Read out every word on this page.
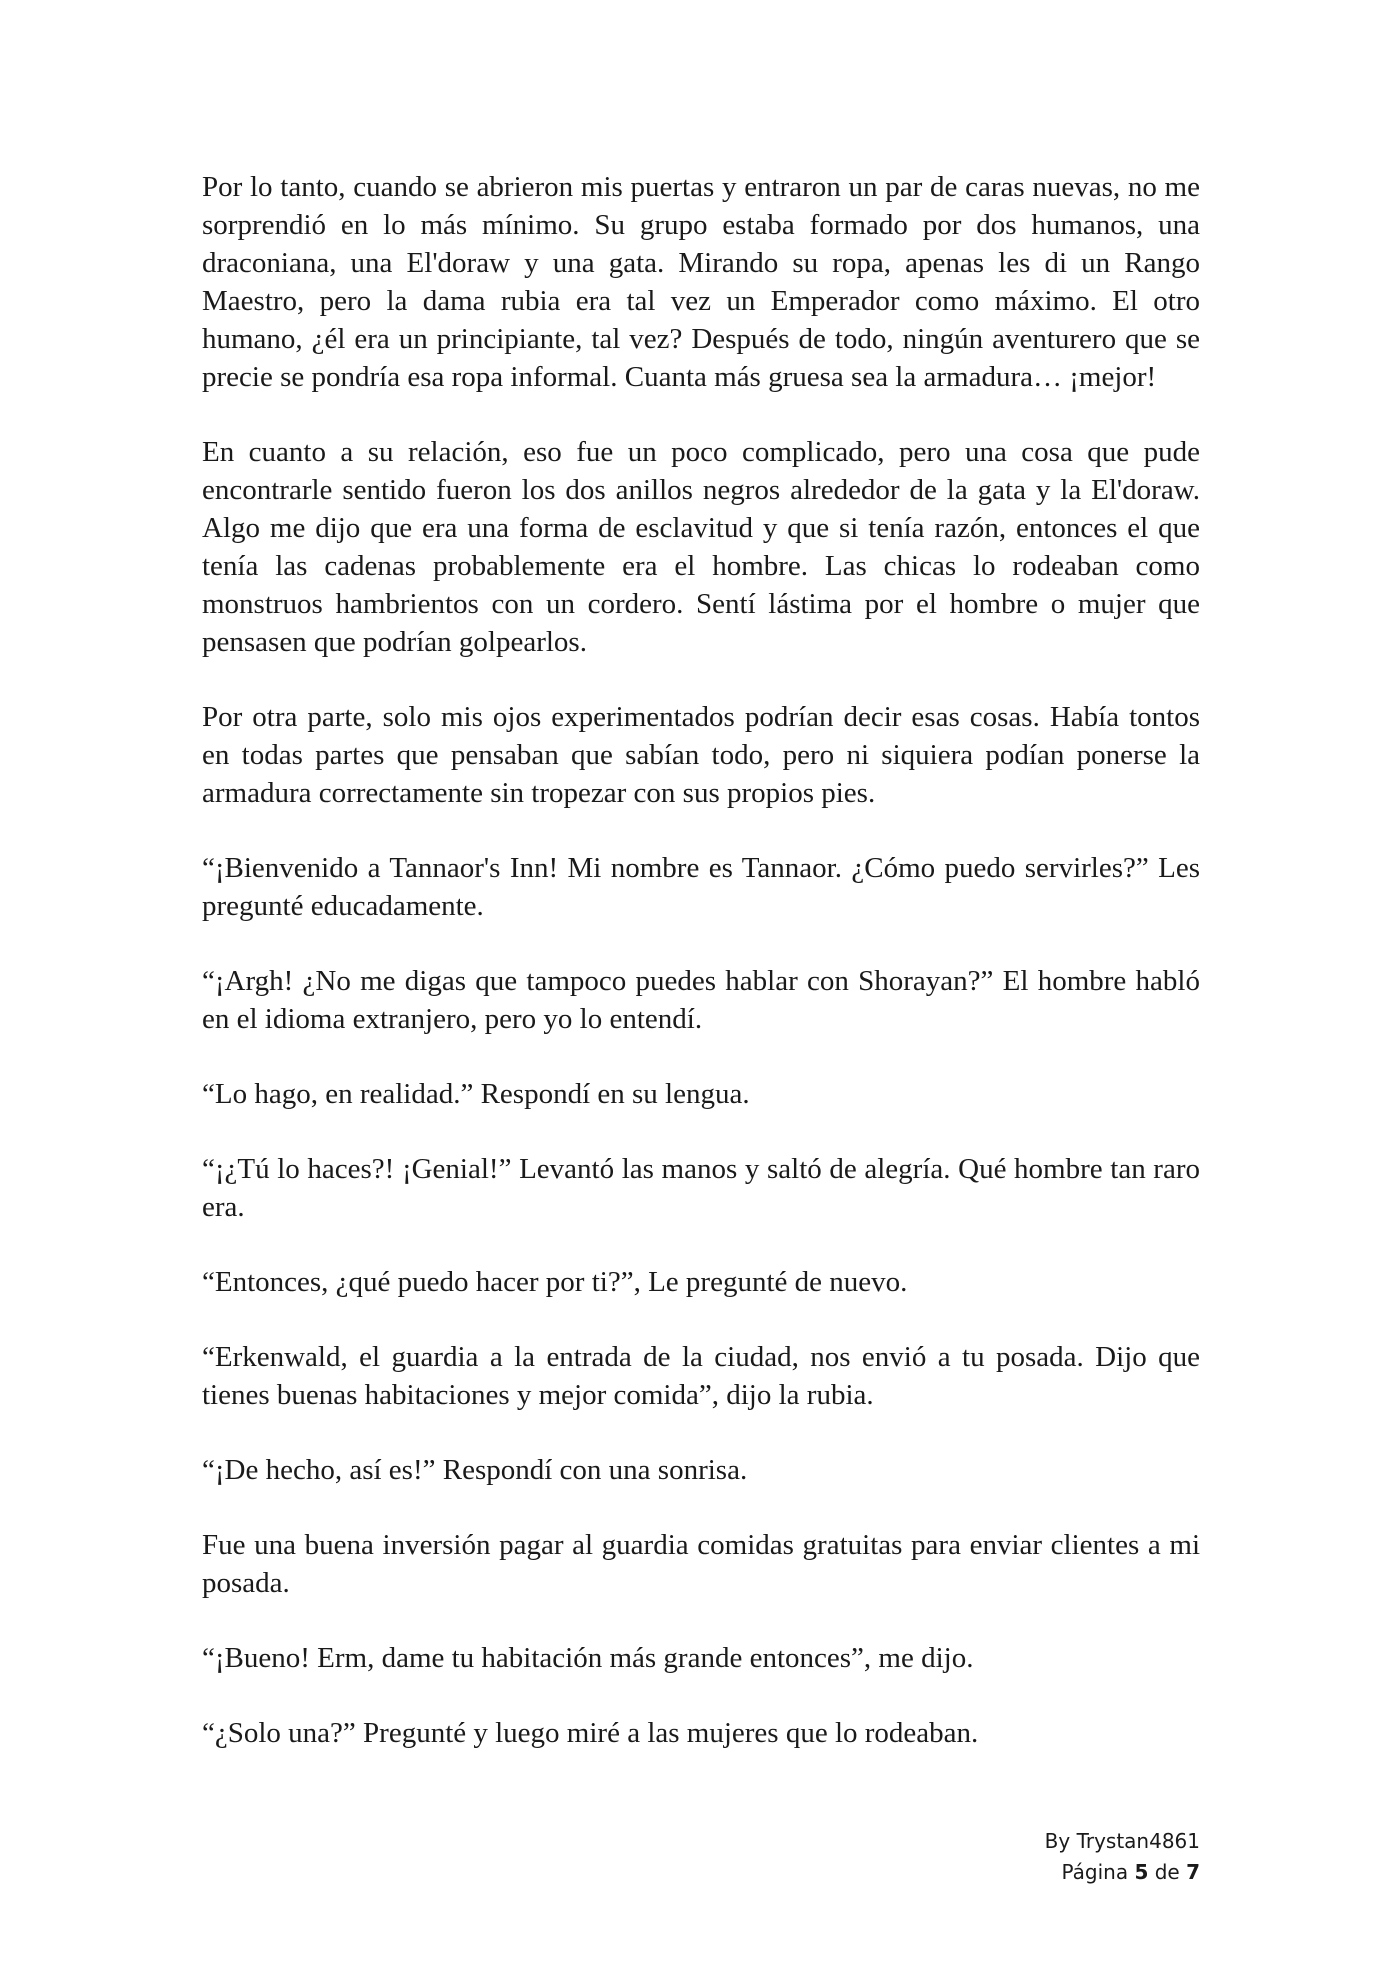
Por lo tanto, cuando se abrieron mis puertas y entraron un par de caras nuevas, no me sorprendió en lo más mínimo. Su grupo estaba formado por dos humanos, una draconiana, una El'doraw y una gata. Mirando su ropa, apenas les di un Rango Maestro, pero la dama rubia era tal vez un Emperador como máximo. El otro humano, ¿él era un principiante, tal vez? Después de todo, ningún aventurero que se precie se pondría esa ropa informal. Cuanta más gruesa sea la armadura… ¡mejor!

En cuanto a su relación, eso fue un poco complicado, pero una cosa que pude encontrarle sentido fueron los dos anillos negros alrededor de la gata y la El'doraw. Algo me dijo que era una forma de esclavitud y que si tenía razón, entonces el que tenía las cadenas probablemente era el hombre. Las chicas lo rodeaban como monstruos hambrientos con un cordero. Sentí lástima por el hombre o mujer que pensasen que podrían golpearlos.

Por otra parte, solo mis ojos experimentados podrían decir esas cosas. Había tontos en todas partes que pensaban que sabían todo, pero ni siquiera podían ponerse la armadura correctamente sin tropezar con sus propios pies.

“¡Bienvenido a Tannaor's Inn! Mi nombre es Tannaor. ¿Cómo puedo servirles?” Les pregunté educadamente.

“¡Argh! ¿No me digas que tampoco puedes hablar con Shorayan?” El hombre habló en el idioma extranjero, pero yo lo entendí.

“Lo hago, en realidad.” Respondí en su lengua.

“¡¿Tú lo haces?! ¡Genial!” Levantó las manos y saltó de alegría. Qué hombre tan raro era.

“Entonces, ¿qué puedo hacer por ti?”, Le pregunté de nuevo.

“Erkenwald, el guardia a la entrada de la ciudad, nos envió a tu posada. Dijo que tienes buenas habitaciones y mejor comida”, dijo la rubia.

“¡De hecho, así es!” Respondí con una sonrisa.

Fue una buena inversión pagar al guardia comidas gratuitas para enviar clientes a mi posada.

“¡Bueno! Erm, dame tu habitación más grande entonces”, me dijo.

“¿Solo una?” Pregunté y luego miré a las mujeres que lo rodeaban.

By Trystan4861
Página 5 de 7
